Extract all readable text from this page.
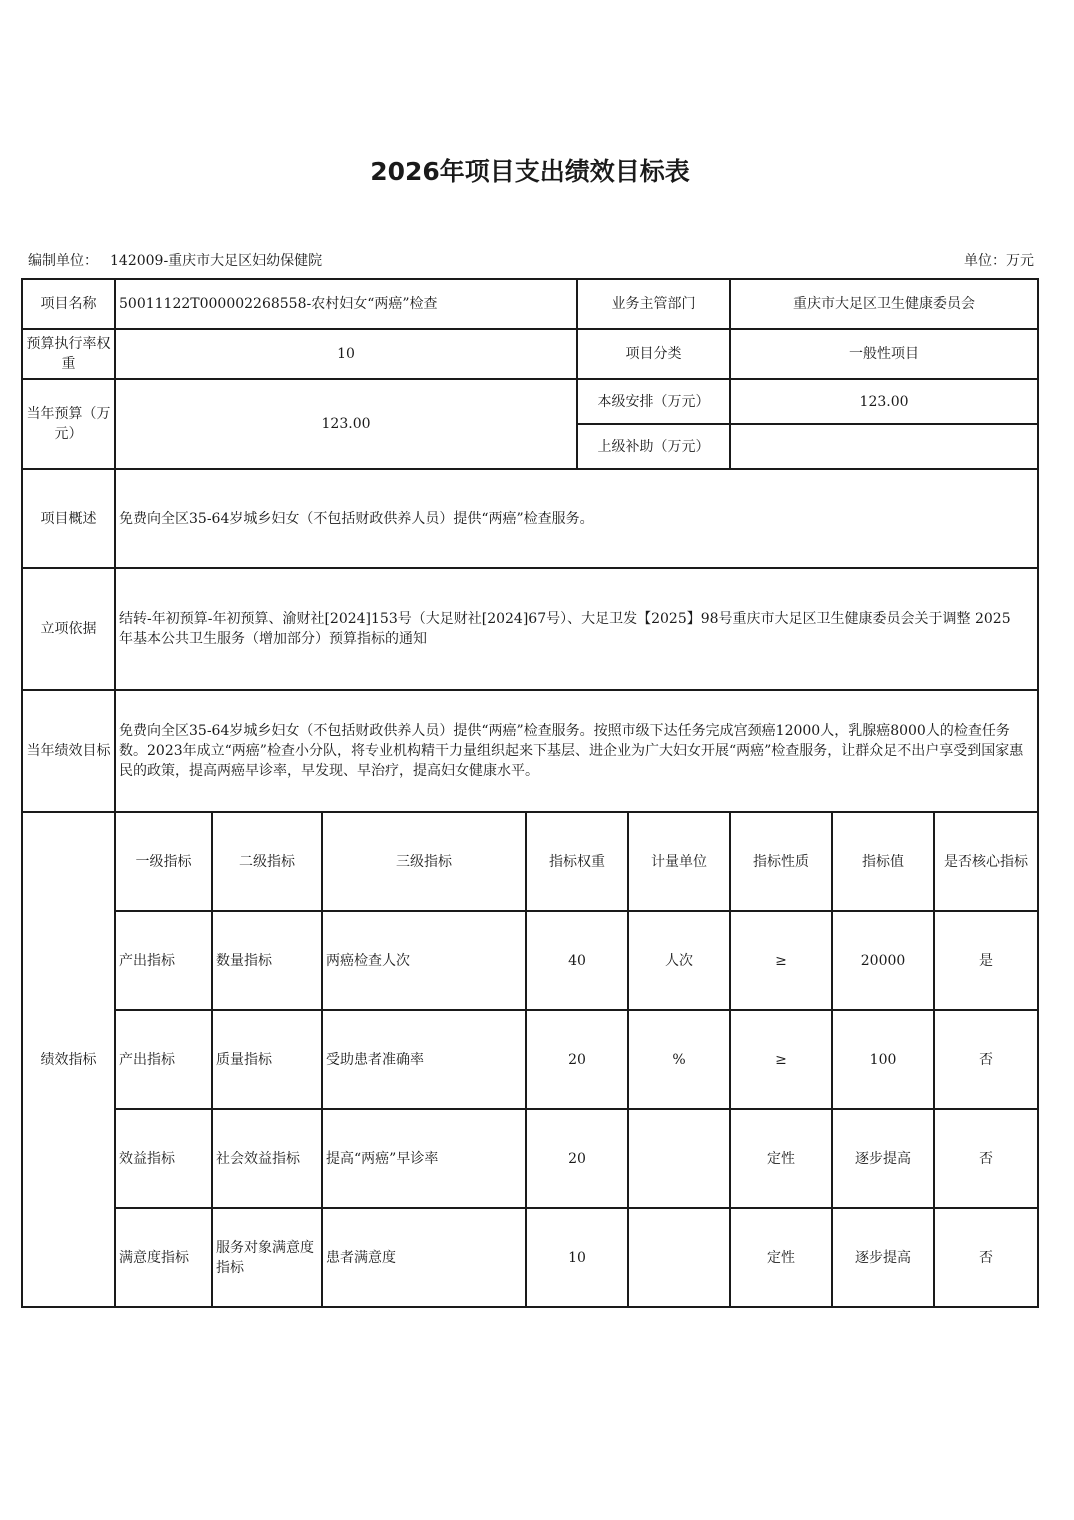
2026年项目支出绩效目标表
编制单位： 142009-重庆市大足区妇幼保健院	单位：万元
项目名称	50011122T000002268558-农村妇女“两癌”检查				业务主管部门		重庆市大足区卫生健康委员会		
预算执行率权重	10				项目分类		一般性项目		
当年预算（万元）	123.00				本级安排（万元）		123.00		
					上级补助（万元）				
项目概述	免费向全区35-64岁城乡妇女（不包括财政供养人员）提供“两癌”检查服务。								
立项依据	结转-年初预算-年初预算、渝财社[2024]153号（大足财社[2024]67号）、大足卫发【2025】98号重庆市大足区卫生健康委员会关于调整 2025 年基本公共卫生服务（增加部分）预算指标的通知								
当年绩效目标	免费向全区35-64岁城乡妇女（不包括财政供养人员）提供“两癌”检查服务。按照市级下达任务完成宫颈癌12000人，乳腺癌8000人的检查任务数。2023年成立“两癌”检查小分队，将专业机构精干力量组织起来下基层、进企业为广大妇女开展“两癌”检查服务，让群众足不出户享受到国家惠民的政策，提高两癌早诊率，早发现、早治疗，提高妇女健康水平。								
绩效指标	一级指标	二级指标	三级指标	指标权重		计量单位	指标性质	指标值	是否核心指标
	产出指标	数量指标	两癌检查人次	40		人次	≥	20000	是
	产出指标	质量指标	受助患者准确率	20		%	≥	100	否
	效益指标	社会效益指标	提高“两癌”早诊率	20			定性	逐步提高	否
	满意度指标	服务对象满意度指标	患者满意度	10			定性	逐步提高	否
